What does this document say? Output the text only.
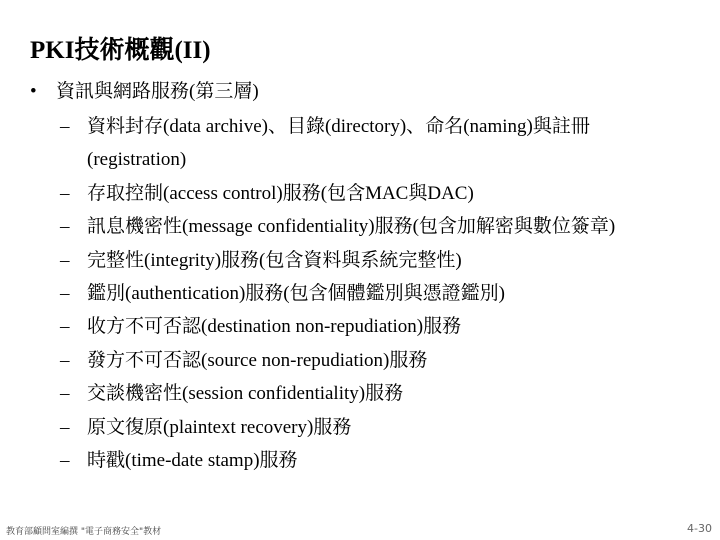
PKI技術概觀(II)
• 資訊與網路服務(第三層)
– 資料封存(data archive)、目錄(directory)、命名(naming)與註冊(registration)
– 存取控制(access control)服務(包含MAC與DAC)
– 訊息機密性(message confidentiality)服務(包含加解密與數位簽章)
– 完整性(integrity)服務(包含資料與系統完整性)
– 鑑別(authentication)服務(包含個體鑑別與憑證鑑別)
– 收方不可否認(destination non-repudiation)服務
– 發方不可否認(source non-repudiation)服務
– 交談機密性(session confidentiality)服務
– 原文復原(plaintext recovery)服務
– 時戳(time-date stamp)服務
教育部顧問室編撰 "電子商務安全"教材	4-30
